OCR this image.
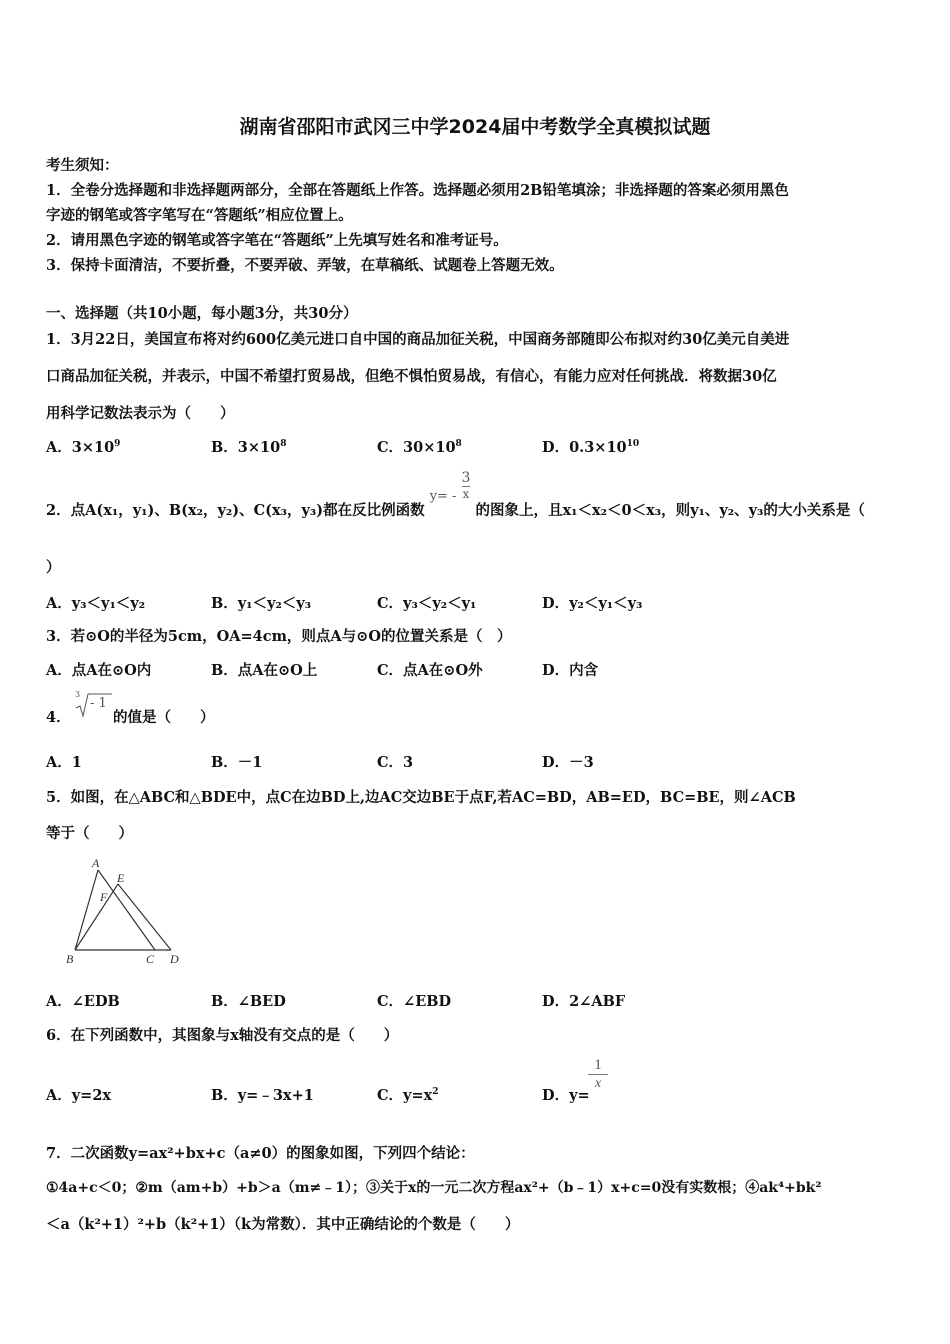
湖南省邵阳市武冈三中学2024届中考数学全真模拟试题
考生须知：
1．全卷分选择题和非选择题两部分，全部在答题纸上作答。选择题必须用2B铅笔填涂；非选择题的答案必须用黑色
字迹的钢笔或答字笔写在“答题纸”相应位置上。
2．请用黑色字迹的钢笔或答字笔在“答题纸”上先填写姓名和准考证号。
3．保持卡面清洁，不要折叠，不要弄破、弄皱，在草稿纸、试题卷上答题无效。
一、选择题（共10小题，每小题3分，共30分）
1．3月22日，美国宣布将对约600亿美元进口自中国的商品加征关税，中国商务部随即公布拟对约30亿美元自美进
口商品加征关税，并表示，中国不希望打贸易战，但绝不惧怕贸易战，有信心，有能力应对任何挑战．将数据30亿
用科学记数法表示为（　　）
A．$3\times 10^9$	B．$3\times 10^8$	C．$30\times 10^8$	D．$0.3\times 10^{10}$
2．点A(x₁，y₁)、B(x₂，y₂)、C(x₃，y₃)都在反比例函数 $y= - \frac{3}{x}$
的图象上，且x₁＜x₂＜0＜x₃，则y₁、y₂、y₃的大小关系是（
）
A．y₃＜y₁＜y₂	B．y₁＜y₂＜y₃	C．y₃＜y₂＜y₁	D．y₂＜y₁＜y₃
3．若⊙O的半径为5cm，OA=4cm，则点A与⊙O的位置关系是（　）
A．点A在⊙O内	B．点A在⊙O上	C．点A在⊙O外	D．内含
4．
3
- 1
的值是（　　）
A．1	B．－1	C．3	D．－3
5．如图，在△ABC和△BDE中，点C在边BD上,边AC交边BE于点F,若AC=BD，AB=ED，BC=BE，则∠ACB
等于（　　）
A
E
F
B	C D
A．∠EDB	B．∠BED	C．∠EBD	D．2∠ABF
6．在下列函数中，其图象与x轴没有交点的是（　　）
A．y=2x	B．y=﹣3x+1	C．$y=x^2$	D．y=
$\frac{1}{x}$
7．二次函数y=ax²+bx+c（a≠0）的图象如图，下列四个结论：
①4a+c＜0；②m（am+b）+b＞a（m≠﹣1）；③关于x的一元二次方程ax²+（b﹣1）x+c=0没有实数根；④ak⁴+bk²
＜a（k²+1）²+b（k²+1）（k为常数）．其中正确结论的个数是（　　）
